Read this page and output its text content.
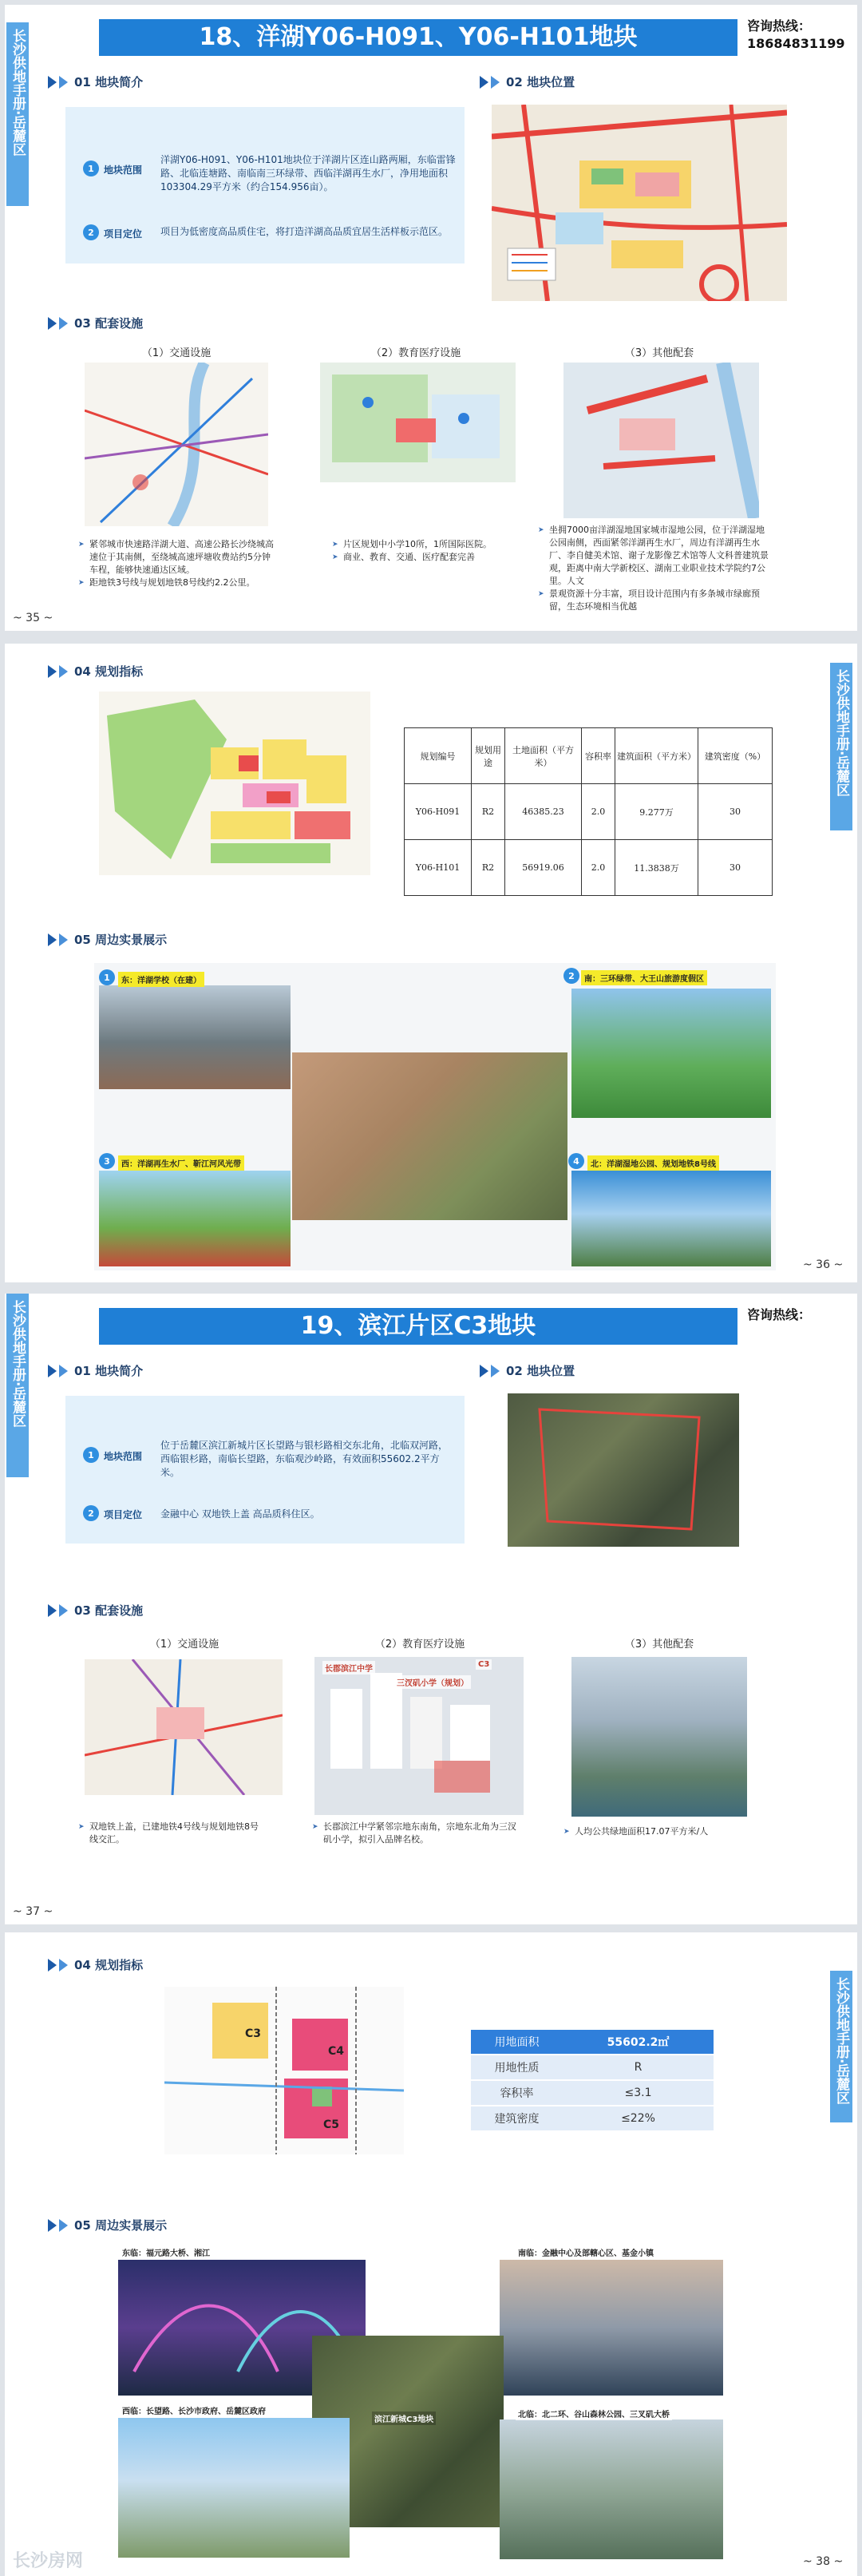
长沙供地手册·岳麓区	18、洋湖Y06-H091、Y06-H101地块	咨询热线：
18684831199
01 地块简介	02 地块位置
1	地块范围
洋湖Y06-H091、Y06-H101地块位于洋湖片区连山路两厢，东临雷锋路、北临连塘路、南临南三环绿带、西临洋湖再生水厂，净用地面积103304.29平方米（约合154.956亩）。
2	项目定位 项目为低密度高品质住宅，将打造洋湖高品质宜居生活样板示范区。
03 配套设施
（1）交通设施	（2）教育医疗设施	（3）其他配套
➤ 紧邻城市快速路洋湖大道、高速公路长沙绕城高速位于其南侧，至绕城高速坪塘收费站约5分钟车程，能够快速通达区域。
➤ 距地铁3号线与规划地铁8号线约2.2公里。
➤ 片区规划中小学10所，1所国际医院。
➤ 商业、教育、交通、医疗配套完善
➤ 坐拥7000亩洋湖湿地国家城市湿地公园，位于洋湖湿地公园南侧，西面紧邻洋湖再生水厂，周边有洋湖再生水厂、李自健美术馆、谢子龙影像艺术馆等人文科普建筑景观，距离中南大学新校区、湖南工业职业技术学院约7公里。人文
➤ 景观资源十分丰富，项目设计范围内有多条城市绿廊预留，生态环境相当优越
~ 35 ~
长沙供地手册·岳麓区
04 规划指标
规划编号	规划用途	土地面积（平方米）	容积率	建筑面积（平方米）	建筑密度（%）
Y06-H091	R2	46385.23	2.0	9.277万	30
Y06-H101	R2	56919.06	2.0	11.3838万	30
05 周边实景展示
东：洋湖学校（在建）	南：三环绿带、大王山旅游度假区
西：洋湖再生水厂、靳江河风光带	北：洋湖湿地公园、规划地铁8号线
1	2
3	4
~ 36 ~
长沙供地手册·岳麓区	19、滨江片区C3地块	咨询热线：
01 地块简介	02 地块位置
1	地块范围
位于岳麓区滨江新城片区长望路与银杉路相交东北角，北临双河路，西临银杉路，南临长望路，东临观沙岭路，有效面积55602.2平方米。
2	项目定位 金融中心 双地铁上盖 高品质科住区。
03 配套设施
（1）交通设施	（2）教育医疗设施	（3）其他配套
长郡滨江中学
三汊矶小学（规划）
C3
➤ 双地铁上盖，已建地铁4号线与规划地铁8号线交汇。
➤ 长郡滨江中学紧邻宗地东南角，宗地东北角为三汊矶小学，拟引入品牌名校。
➤ 人均公共绿地面积17.07平方米/人
~ 37 ~
长沙供地手册·岳麓区
04 规划指标
C3
C4
C5
用地面积	55602.2㎡
用地性质	R
容积率	≤3.1
建筑密度	≤22%
05 周边实景展示
东临：福元路大桥、湘江	南临：金融中心及部轄心区、基金小镇
西临：长望路、长沙市政府、岳麓区政府	北临：北二环、谷山森林公园、三叉矶大桥
滨江新城C3地块
长沙房网	~ 38 ~
